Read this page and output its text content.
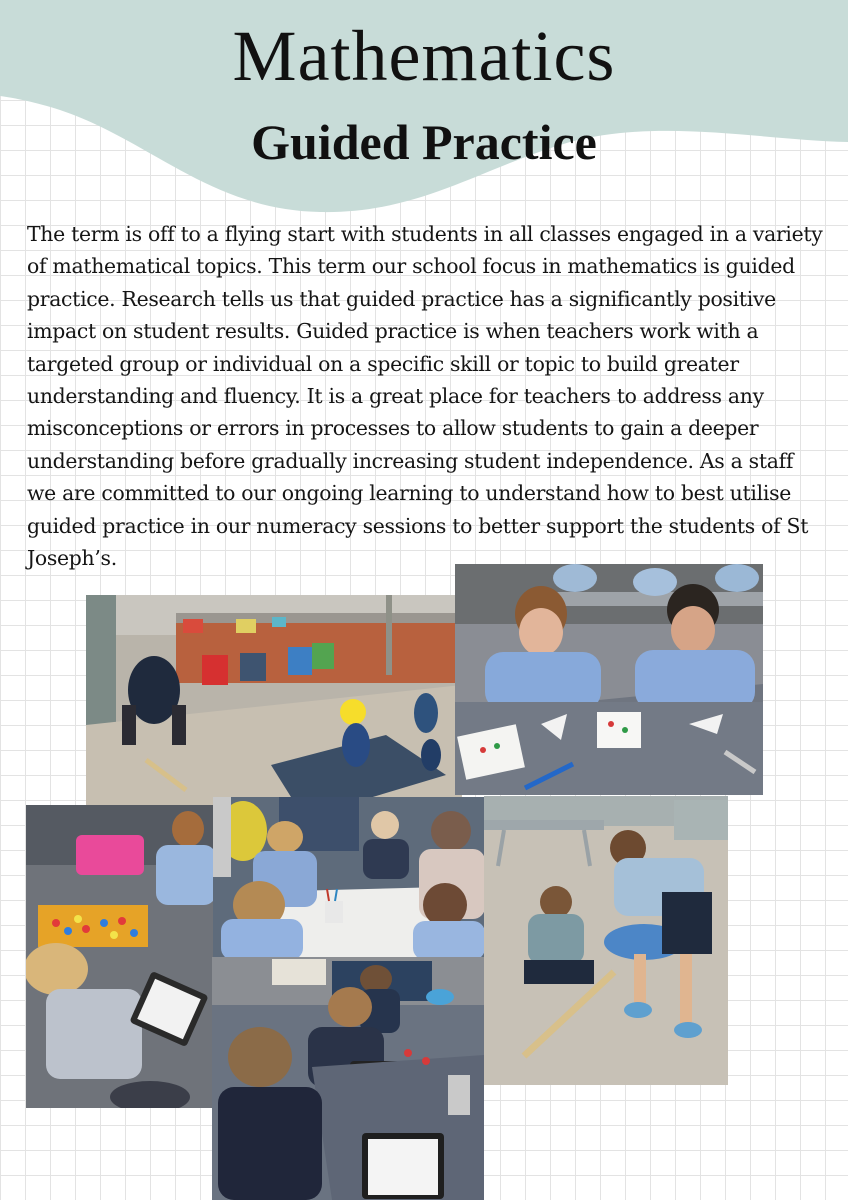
Mathematics
Guided Practice

The term is off to a flying start with students in all classes engaged in a variety of mathematical topics. This term our school focus in mathematics is guided practice. Research tells us that guided practice has a significantly positive impact on student results. Guided practice is when teachers work with a targeted group or individual on a specific skill or topic to build greater understanding and fluency. It is a great place for teachers to address any misconceptions or errors in processes to allow students to gain a deeper understanding before gradually increasing student independence. As a staff we are committed to our ongoing learning to understand how to best utilise guided practice in our numeracy sessions to better support the students of St Joseph’s.
